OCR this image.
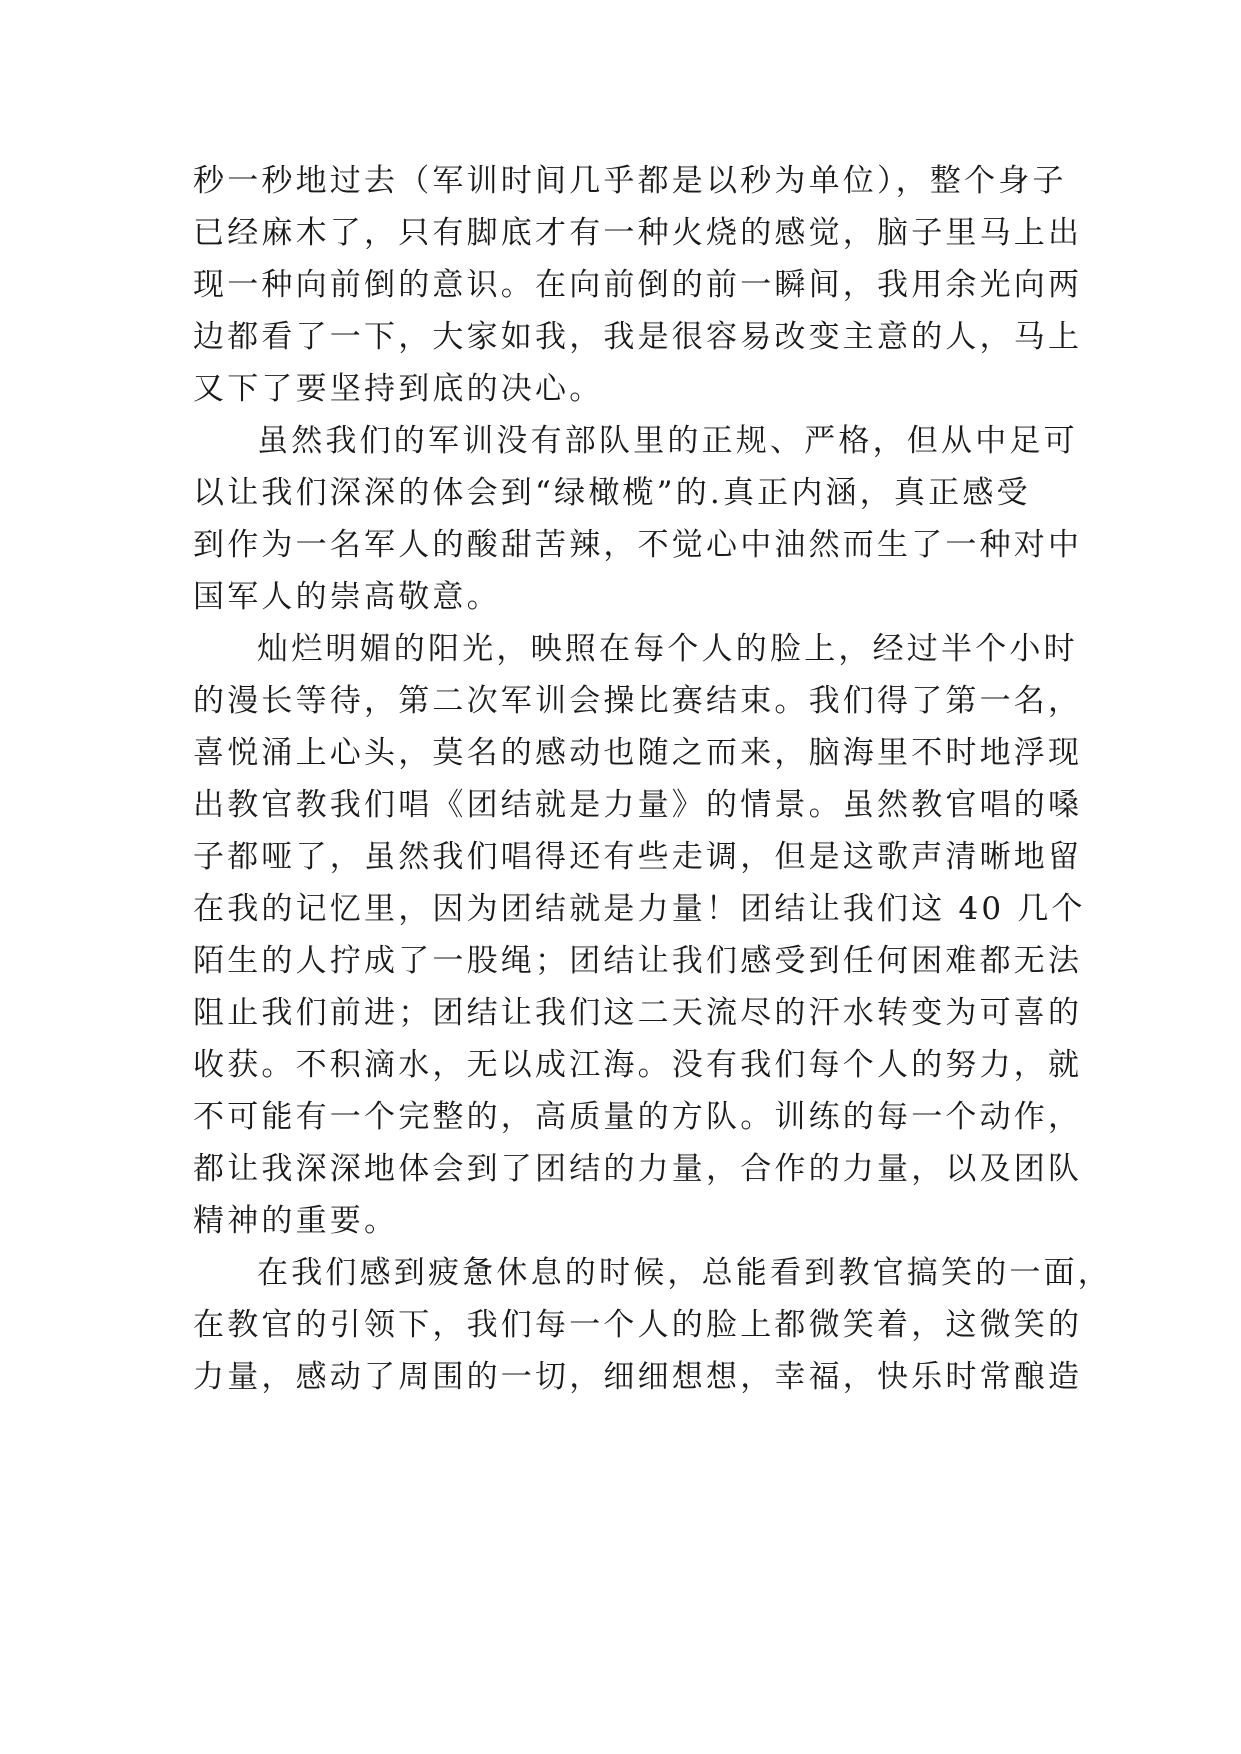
秒一秒地过去（军训时间几乎都是以秒为单位），整个身子
已经麻木了，只有脚底才有一种火烧的感觉，脑子里马上出
现一种向前倒的意识。在向前倒的前一瞬间，我用余光向两
边都看了一下，大家如我，我是很容易改变主意的人，马上
又下了要坚持到底的决心。
虽然我们的军训没有部队里的正规、严格，但从中足可
以让我们深深的体会到“绿橄榄”的.真正内涵，真正感受
到作为一名军人的酸甜苦辣，不觉心中油然而生了一种对中
国军人的崇高敬意。
灿烂明媚的阳光，映照在每个人的脸上，经过半个小时
的漫长等待，第二次军训会操比赛结束。我们得了第一名，
喜悦涌上心头，莫名的感动也随之而来，脑海里不时地浮现
出教官教我们唱《团结就是力量》的情景。虽然教官唱的嗓
子都哑了，虽然我们唱得还有些走调，但是这歌声清晰地留
在我的记忆里，因为团结就是力量！团结让我们这 40 几个
陌生的人拧成了一股绳；团结让我们感受到任何困难都无法
阻止我们前进；团结让我们这二天流尽的汗水转变为可喜的
收获。不积滴水，无以成江海。没有我们每个人的努力，就
不可能有一个完整的，高质量的方队。训练的每一个动作，
都让我深深地体会到了团结的力量，合作的力量，以及团队
精神的重要。
在我们感到疲惫休息的时候，总能看到教官搞笑的一面，
在教官的引领下，我们每一个人的脸上都微笑着，这微笑的
力量，感动了周围的一切，细细想想，幸福，快乐时常酿造
